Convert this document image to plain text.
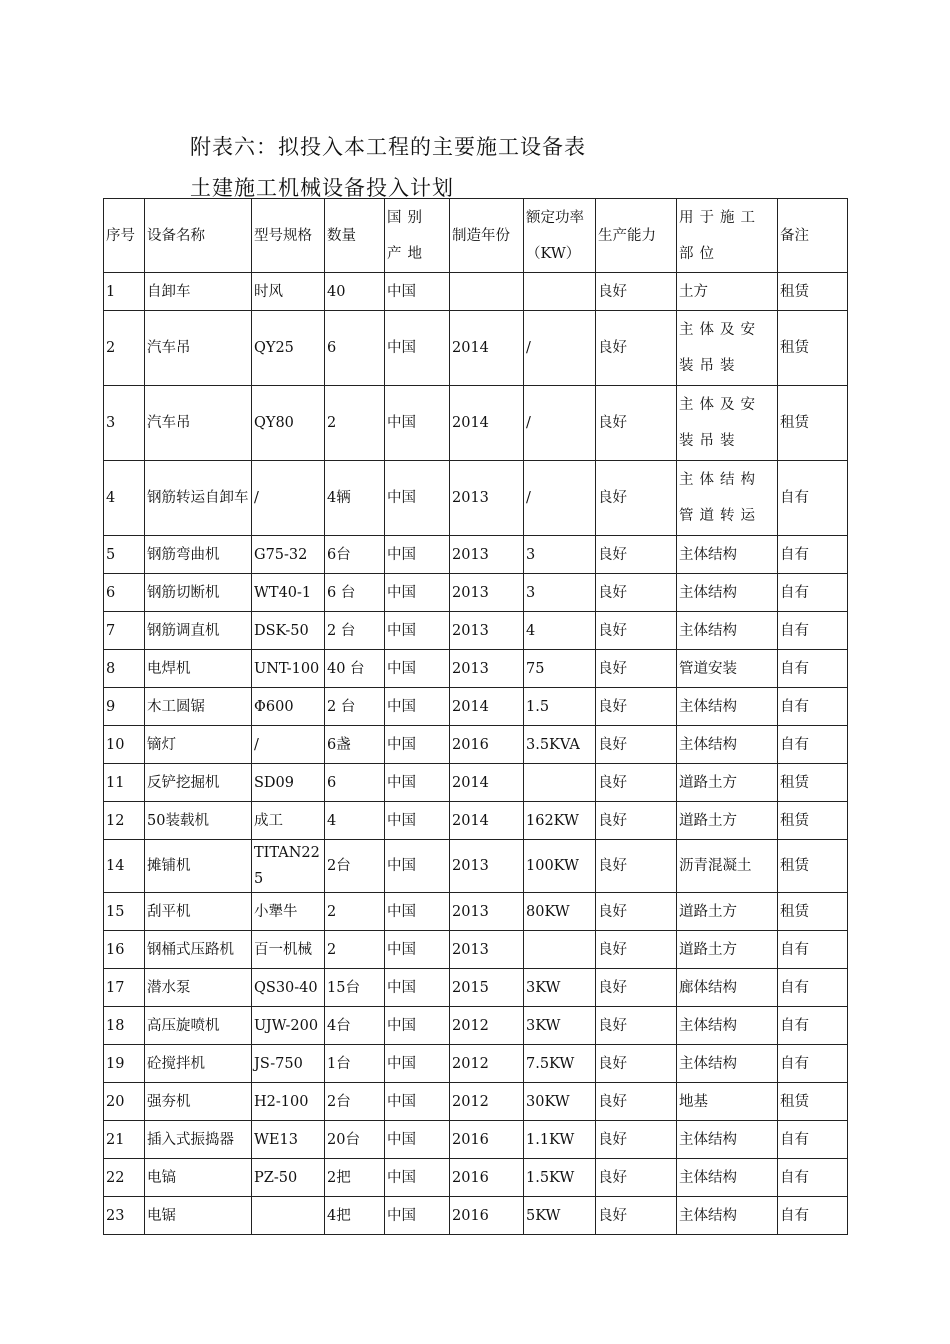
附表六：拟投入本工程的主要施工设备表
土建施工机械设备投入计划
序号	设备名称	型号规格	数量	国别产地	制造年份	额定功率（KW）	生产能力	用于施工部位	备注
1	自卸车	时风	40	中国			良好	土方	租赁
2	汽车吊	QY25	6	中国	2014	/	良好	主体及安装吊装	租赁
3	汽车吊	QY80	2	中国	2014	/	良好	主体及安装吊装	租赁
4	钢筋转运自卸车	/	4辆	中国	2013	/	良好	主体结构管道转运	自有
5	钢筋弯曲机	G75-32	6台	中国	2013	3	良好	主体结构	自有
6	钢筋切断机	WT40-1	6 台	中国	2013	3	良好	主体结构	自有
7	钢筋调直机	DSK-50	2 台	中国	2013	4	良好	主体结构	自有
8	电焊机	UNT-100	40 台	中国	2013	75	良好	管道安装	自有
9	木工圆锯	Φ600	2 台	中国	2014	1.5	良好	主体结构	自有
10	镝灯	/	6盏	中国	2016	3.5KVA	良好	主体结构	自有
11	反铲挖掘机	SD09	6	中国	2014		良好	道路土方	租赁
12	50装载机	成工	4	中国	2014	162KW	良好	道路土方	租赁
14	摊铺机	TITAN225	2台	中国	2013	100KW	良好	沥青混凝土	租赁
15	刮平机	小犟牛	2	中国	2013	80KW	良好	道路土方	租赁
16	钢桶式压路机	百一机械	2	中国	2013		良好	道路土方	自有
17	潜水泵	QS30-40	15台	中国	2015	3KW	良好	廊体结构	自有
18	高压旋喷机	UJW-200	4台	中国	2012	3KW	良好	主体结构	自有
19	砼搅拌机	JS-750	1台	中国	2012	7.5KW	良好	主体结构	自有
20	强夯机	H2-100	2台	中国	2012	30KW	良好	地基	租赁
21	插入式振捣器	WE13	20台	中国	2016	1.1KW	良好	主体结构	自有
22	电镐	PZ-50	2把	中国	2016	1.5KW	良好	主体结构	自有
23	电锯		4把	中国	2016	5KW	良好	主体结构	自有
